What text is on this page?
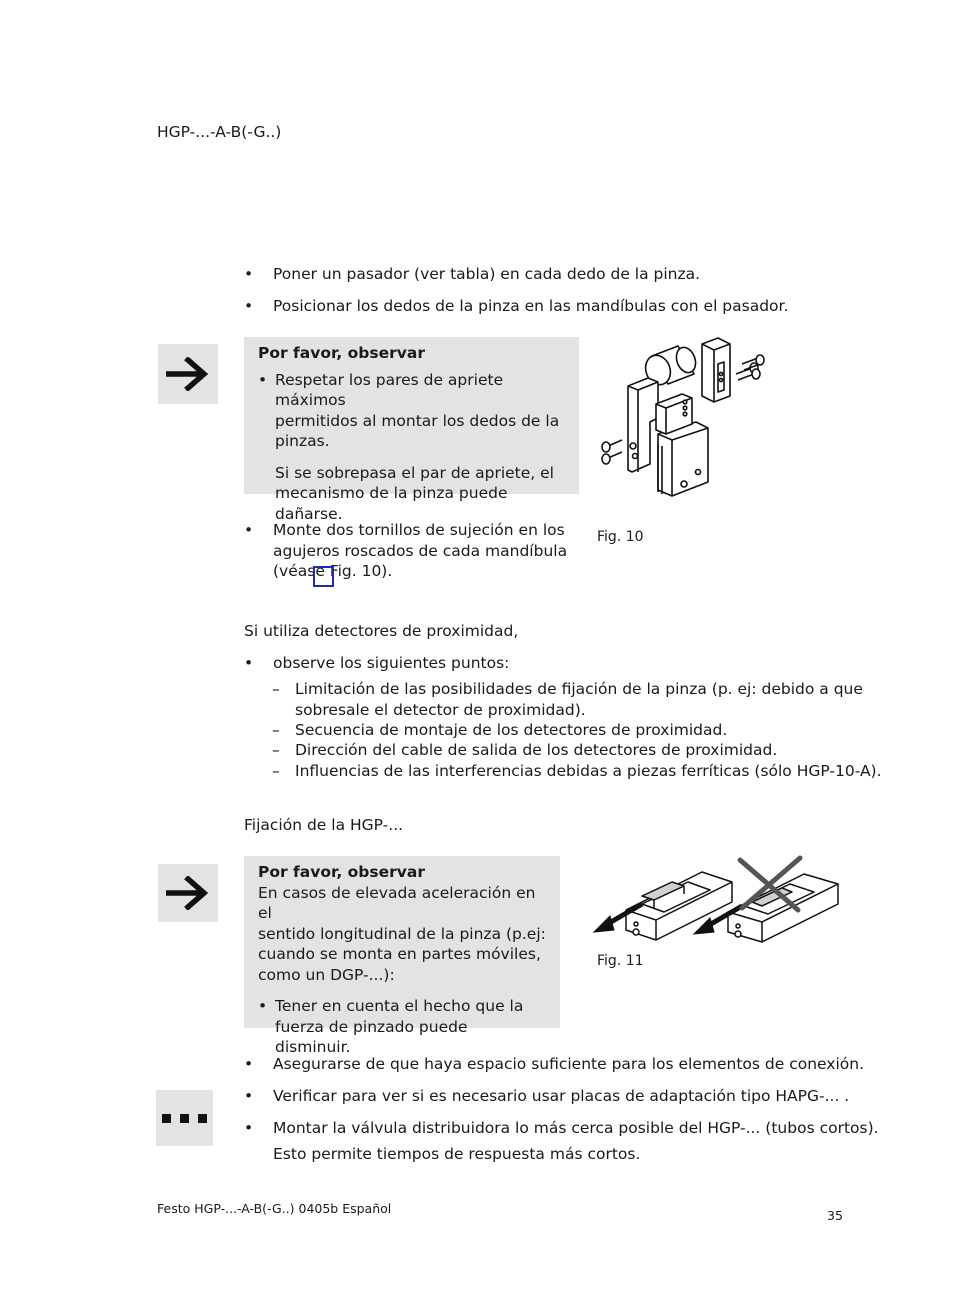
HGP-...-A-B(-G..)
•	Poner un pasador (ver tabla) en cada dedo de la pinza.
•	Posicionar los dedos de la pinza en las mandíbulas con el pasador.
Por favor, observar
• Respetar los pares de apriete máximos
permitidos al montar los dedos de la
pinzas.
Si se sobrepasa el par de apriete, el
mecanismo de la pinza puede dañarse.
Fig. 10
•	Monte dos tornillos de sujeción en los
agujeros roscados de cada mandíbula
(véase Fig. 10).
Si utiliza detectores de proximidad,
•	observe los siguientes puntos:
– Limitación de las posibilidades de fijación de la pinza (p. ej: debido a que
sobresale el detector de proximidad).
– Secuencia de montaje de los detectores de proximidad.
– Dirección del cable de salida de los detectores de proximidad.
– Influencias de las interferencias debidas a piezas ferríticas (sólo HGP-10-A).
Fijación de la HGP-...
Por favor, observar
En casos de elevada aceleración en el
sentido longitudinal de la pinza (p.ej:
cuando se monta en partes móviles,
como un DGP-...):
• Tener en cuenta el hecho que la
fuerza de pinzado puede disminuir.
Fig. 11
•	Asegurarse de que haya espacio suficiente para los elementos de conexión.
•	Verificar para ver si es necesario usar placas de adaptación tipo HAPG-... .
•	Montar la válvula distribuidora lo más cerca posible del HGP-... (tubos cortos).
Esto permite tiempos de respuesta más cortos.
Festo HGP-...-A-B(-G..) 0405b Español	35
